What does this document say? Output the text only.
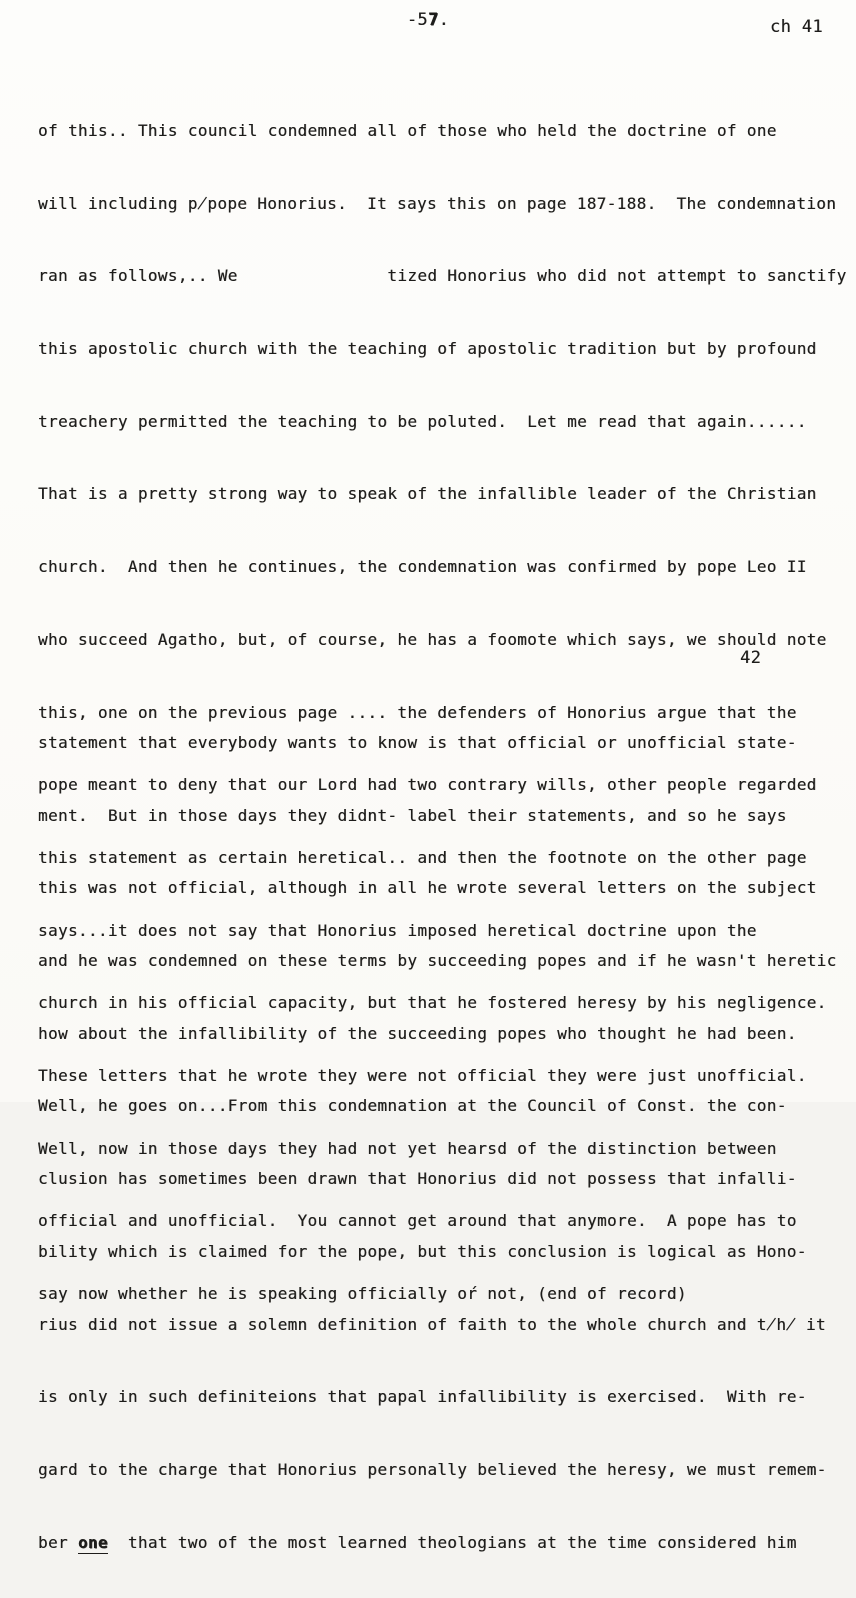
-57.	ch 41

of this.. This council condemned all of those who held the doctrine of one

will including p̸pope Honorius.  It says this on page 187-188.  The condemnation

ran as follows,.. We               tized Honorius who did not attempt to sanctify

this apostolic church with the teaching of apostolic tradition but by profound

treachery permitted the teaching to be poluted.  Let me read that again......

That is a pretty strong way to speak of the infallible leader of the Christian

church.  And then he continues, the condemnation was confirmed by pope Leo II

who succeed Agatho, but, of course, he has a foomote which says, we should note

this, one on the previous page .... the defenders of Honorius argue that the

pope meant to deny that our Lord had two contrary wills, other people regarded

this statement as certain heretical.. and then the footnote on the other page

says...it does not say that Honorius imposed heretical doctrine upon the

church in his official capacity, but that he fostered heresy by his negligence.

These letters that he wrote they were not official they were just unofficial.

Well, now in those days they had not yet hearsd of the distinction between

official and unofficial.  You cannot get around that anymore.  A pope has to

say now whether he is speaking officially oŕ not, (end of record)

42

statement that everybody wants to know is that official or unofficial state-

ment.  But in those days they didnt- label their statements, and so he says

this was not official, although in all he wrote several letters on the subject

and he was condemned on these terms by succeeding popes and if he wasn't heretic

how about the infallibility of the succeeding popes who thought he had been.

Well, he goes on...From this condemnation at the Council of Const. the con-

clusion has sometimes been drawn that Honorius did not possess that infalli-

bility which is claimed for the pope, but this conclusion is logical as Hono-

rius did not issue a solemn definition of faith to the whole church and t̸h̸ it

is only in such definiteions that papal infallibility is exercised.  With re-

gard to the charge that Honorius personally believed the heresy, we must remem-

ber one  that two of the most learned theologians at the time considered him
